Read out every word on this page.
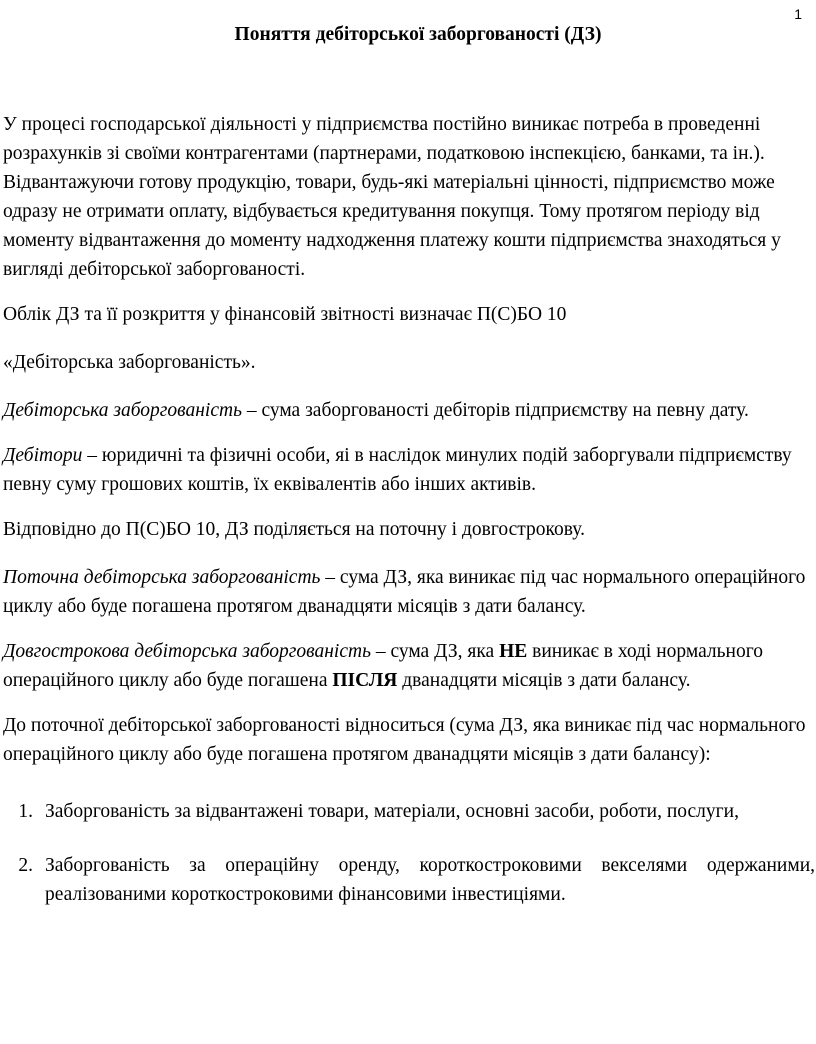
1
Поняття дебіторської заборгованості (ДЗ)

У процесі господарської діяльності у підприємства постійно виникає потреба в проведенні розрахунків зі своїми контрагентами (партнерами, податковою інспекцією, банками, та ін.). Відвантажуючи готову продукцію, товари, будь-які матеріальні цінності, підприємство може одразу не отримати оплату, відбувається кредитування покупця. Тому протягом періоду від моменту відвантаження до моменту надходження платежу кошти підприємства знаходяться у вигляді дебіторської заборгованості.

Облік ДЗ та її розкриття у фінансовій звітності визначає П(С)БО 10

«Дебіторська заборгованість».

Дебіторська заборгованість – сума заборгованості дебіторів підприємству на певну дату.

Дебітори – юридичні та фізичні особи, яі в наслідок минулих подій заборгували підприємству певну суму грошових коштів, їх еквівалентів або інших активів.

Відповідно до П(С)БО 10, ДЗ поділяється на поточну і довгострокову.

Поточна дебіторська заборгованість – сума ДЗ, яка виникає під час нормального операційного циклу або буде погашена протягом дванадцяти місяців з дати балансу.

Довгострокова дебіторська заборгованість – сума ДЗ, яка НЕ виникає в ході нормального операційного циклу або буде погашена ПІСЛЯ дванадцяти місяців з дати балансу.

До поточної дебіторської заборгованості відноситься (сума ДЗ, яка виникає під час нормального операційного циклу або буде погашена протягом дванадцяти місяців з дати балансу):

1. Заборгованість за відвантажені товари, матеріали, основні засоби, роботи, послуги,
2. Заборгованість за операційну оренду, короткостроковими векселями одержаними, реалізованими короткостроковими фінансовими інвестиціями.
